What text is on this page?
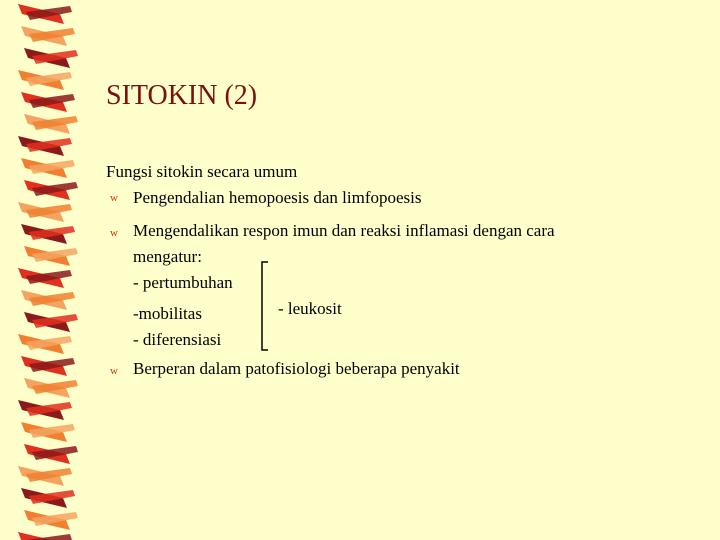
SITOKIN (2)
Fungsi sitokin secara umum
w Pengendalian hemopoesis dan limfopoesis
w Mengendalikan respon imun dan reaksi inflamasi dengan cara
mengatur:
- pertumbuhan
-mobilitas
- diferensiasi
- leukosit
w Berperan dalam patofisiologi beberapa penyakit
